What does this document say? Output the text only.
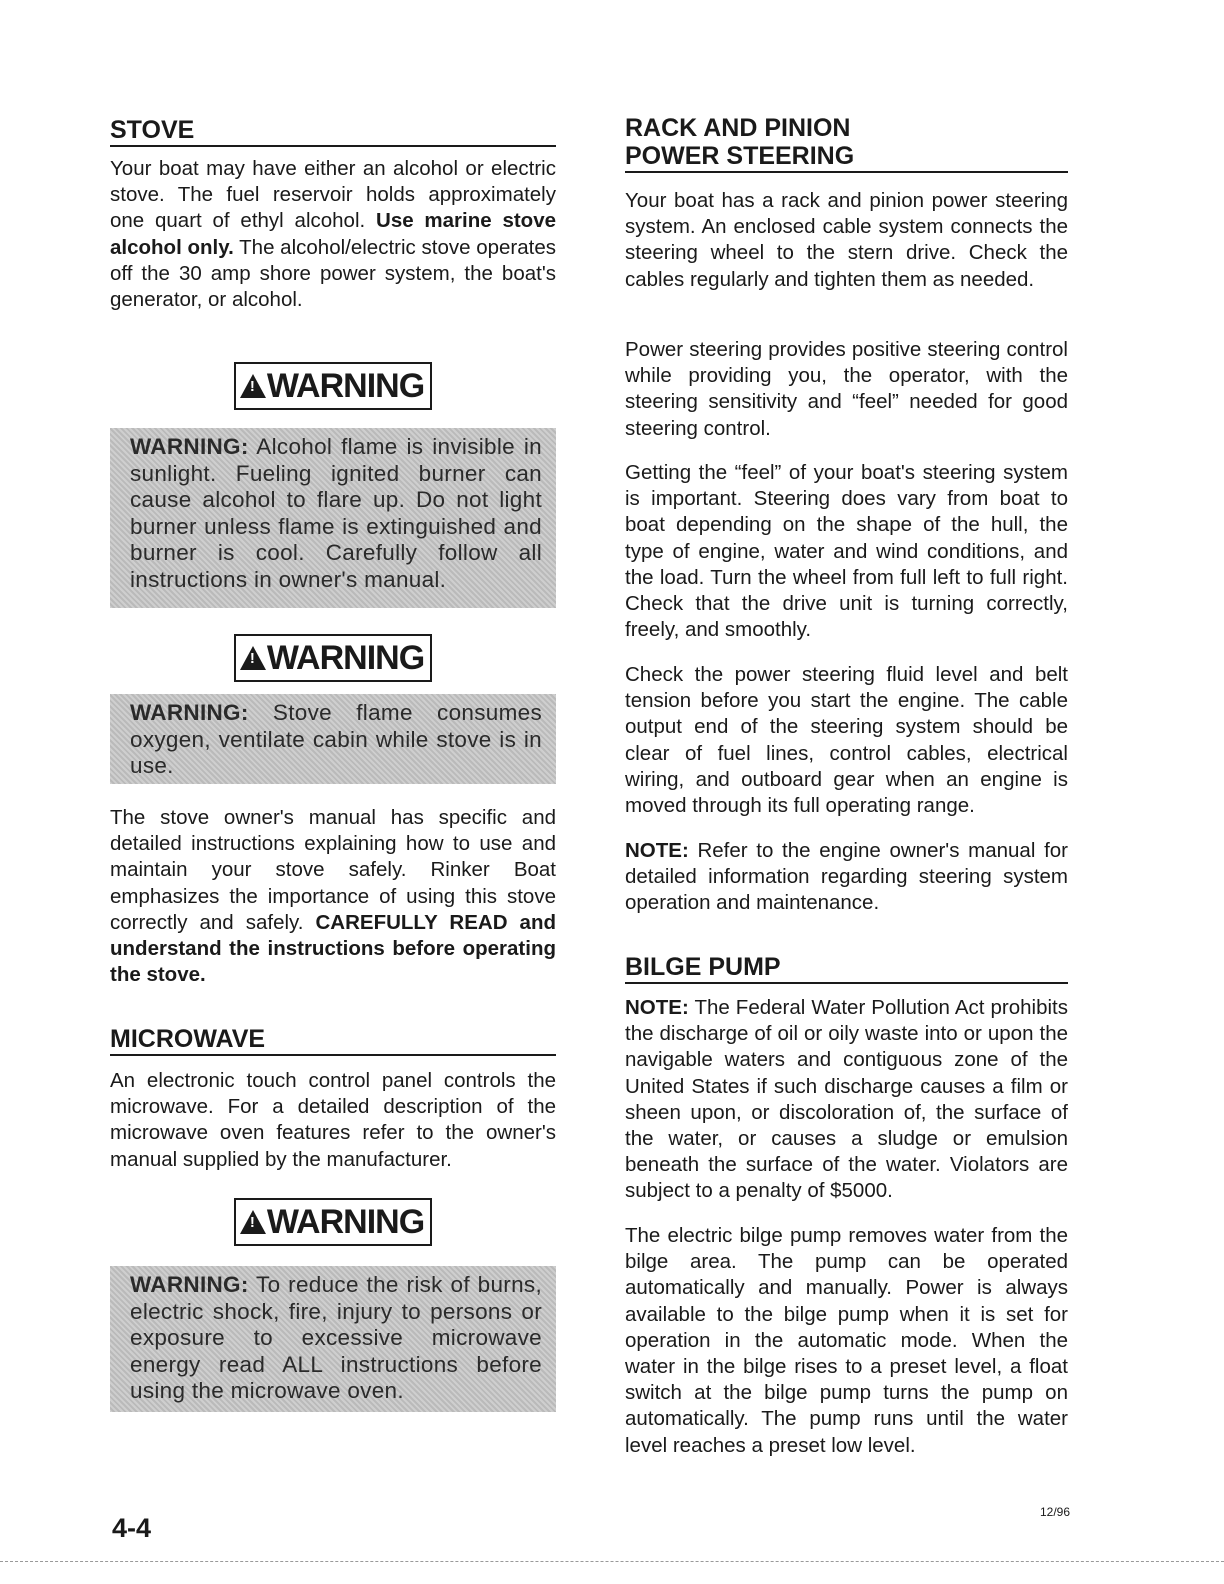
STOVE

Your boat may have either an alcohol or electric stove. The fuel reservoir holds approximately one quart of ethyl alcohol. Use marine stove alcohol only. The alcohol/electric stove operates off the 30 amp shore power system, the boat's generator, or alcohol.

!WARNING
WARNING: Alcohol flame is invisible in sunlight. Fueling ignited burner can cause alcohol to flare up. Do not light burner unless flame is extinguished and burner is cool. Carefully follow all instructions in owner's manual.
!WARNING
WARNING: Stove flame consumes oxygen, ventilate cabin while stove is in use.

The stove owner's manual has specific and detailed instructions explaining how to use and maintain your stove safely. Rinker Boat emphasizes the importance of using this stove correctly and safely. CAREFULLY READ and understand the instructions before operating the stove.

MICROWAVE

An electronic touch control panel controls the microwave. For a detailed description of the microwave oven features refer to the owner's manual supplied by the manufacturer.

!WARNING
WARNING: To reduce the risk of burns, electric shock, fire, injury to persons or exposure to excessive microwave energy read ALL instructions before using the microwave oven.
RACK AND PINION
POWER STEERING

Your boat has a rack and pinion power steering system. An enclosed cable system connects the steering wheel to the stern drive. Check the cables regularly and tighten them as needed.

Power steering provides positive steering control while providing you, the operator, with the steering sensitivity and “feel” needed for good steering control.

Getting the “feel” of your boat's steering system is important. Steering does vary from boat to boat depending on the shape of the hull, the type of engine, water and wind conditions, and the load. Turn the wheel from full left to full right. Check that the drive unit is turning correctly, freely, and smoothly.

Check the power steering fluid level and belt tension before you start the engine. The cable output end of the steering system should be clear of fuel lines, control cables, electrical wiring, and outboard gear when an engine is moved through its full operating range.

NOTE: Refer to the engine owner's manual for detailed information regarding steering system operation and maintenance.

BILGE PUMP

NOTE: The Federal Water Pollution Act prohibits the discharge of oil or oily waste into or upon the navigable waters and contiguous zone of the United States if such discharge causes a film or sheen upon, or discoloration of, the surface of the water, or causes a sludge or emulsion beneath the surface of the water. Violators are subject to a penalty of $5000.

The electric bilge pump removes water from the bilge area. The pump can be operated automatically and manually. Power is always available to the bilge pump when it is set for operation in the automatic mode. When the water in the bilge rises to a preset level, a float switch at the bilge pump turns the pump on automatically. The pump runs until the water level reaches a preset low level.

4-4
12/96
